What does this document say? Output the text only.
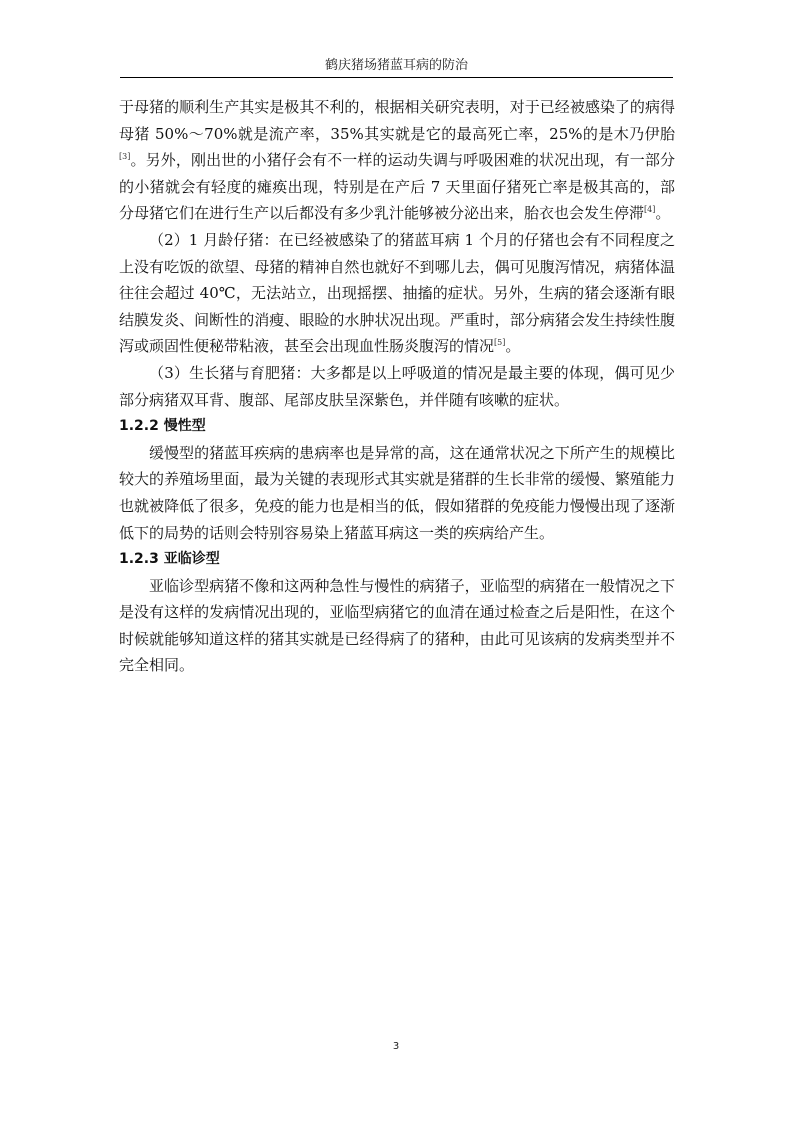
鹤庆猪场猪蓝耳病的防治

于母猪的顺利生产其实是极其不利的，根据相关研究表明，对于已经被感染了的病得母猪 50%～70%就是流产率，35%其实就是它的最高死亡率，25%的是木乃伊胎[3]。另外，刚出世的小猪仔会有不一样的运动失调与呼吸困难的状况出现，有一部分的小猪就会有轻度的瘫痪出现，特别是在产后 7 天里面仔猪死亡率是极其高的，部分母猪它们在进行生产以后都没有多少乳汁能够被分泌出来，胎衣也会发生停滞[4]。

（2）1 月龄仔猪：在已经被感染了的猪蓝耳病 1 个月的仔猪也会有不同程度之上没有吃饭的欲望、母猪的精神自然也就好不到哪儿去，偶可见腹泻情况，病猪体温往往会超过 40℃，无法站立，出现摇摆、抽搐的症状。另外，生病的猪会逐渐有眼结膜发炎、间断性的消瘦、眼睑的水肿状况出现。严重时，部分病猪会发生持续性腹泻或顽固性便秘带粘液，甚至会出现血性肠炎腹泻的情况[5]。

（3）生长猪与育肥猪：大多都是以上呼吸道的情况是最主要的体现，偶可见少部分病猪双耳背、腹部、尾部皮肤呈深紫色，并伴随有咳嗽的症状。

1.2.2 慢性型

缓慢型的猪蓝耳疾病的患病率也是异常的高，这在通常状况之下所产生的规模比较大的养殖场里面，最为关键的表现形式其实就是猪群的生长非常的缓慢、繁殖能力也就被降低了很多，免疫的能力也是相当的低，假如猪群的免疫能力慢慢出现了逐渐低下的局势的话则会特别容易染上猪蓝耳病这一类的疾病给产生。

1.2.3 亚临诊型

亚临诊型病猪不像和这两种急性与慢性的病猪子，亚临型的病猪在一般情况之下是没有这样的发病情况出现的，亚临型病猪它的血清在通过检查之后是阳性，在这个时候就能够知道这样的猪其实就是已经得病了的猪种，由此可见该病的发病类型并不完全相同。

3
